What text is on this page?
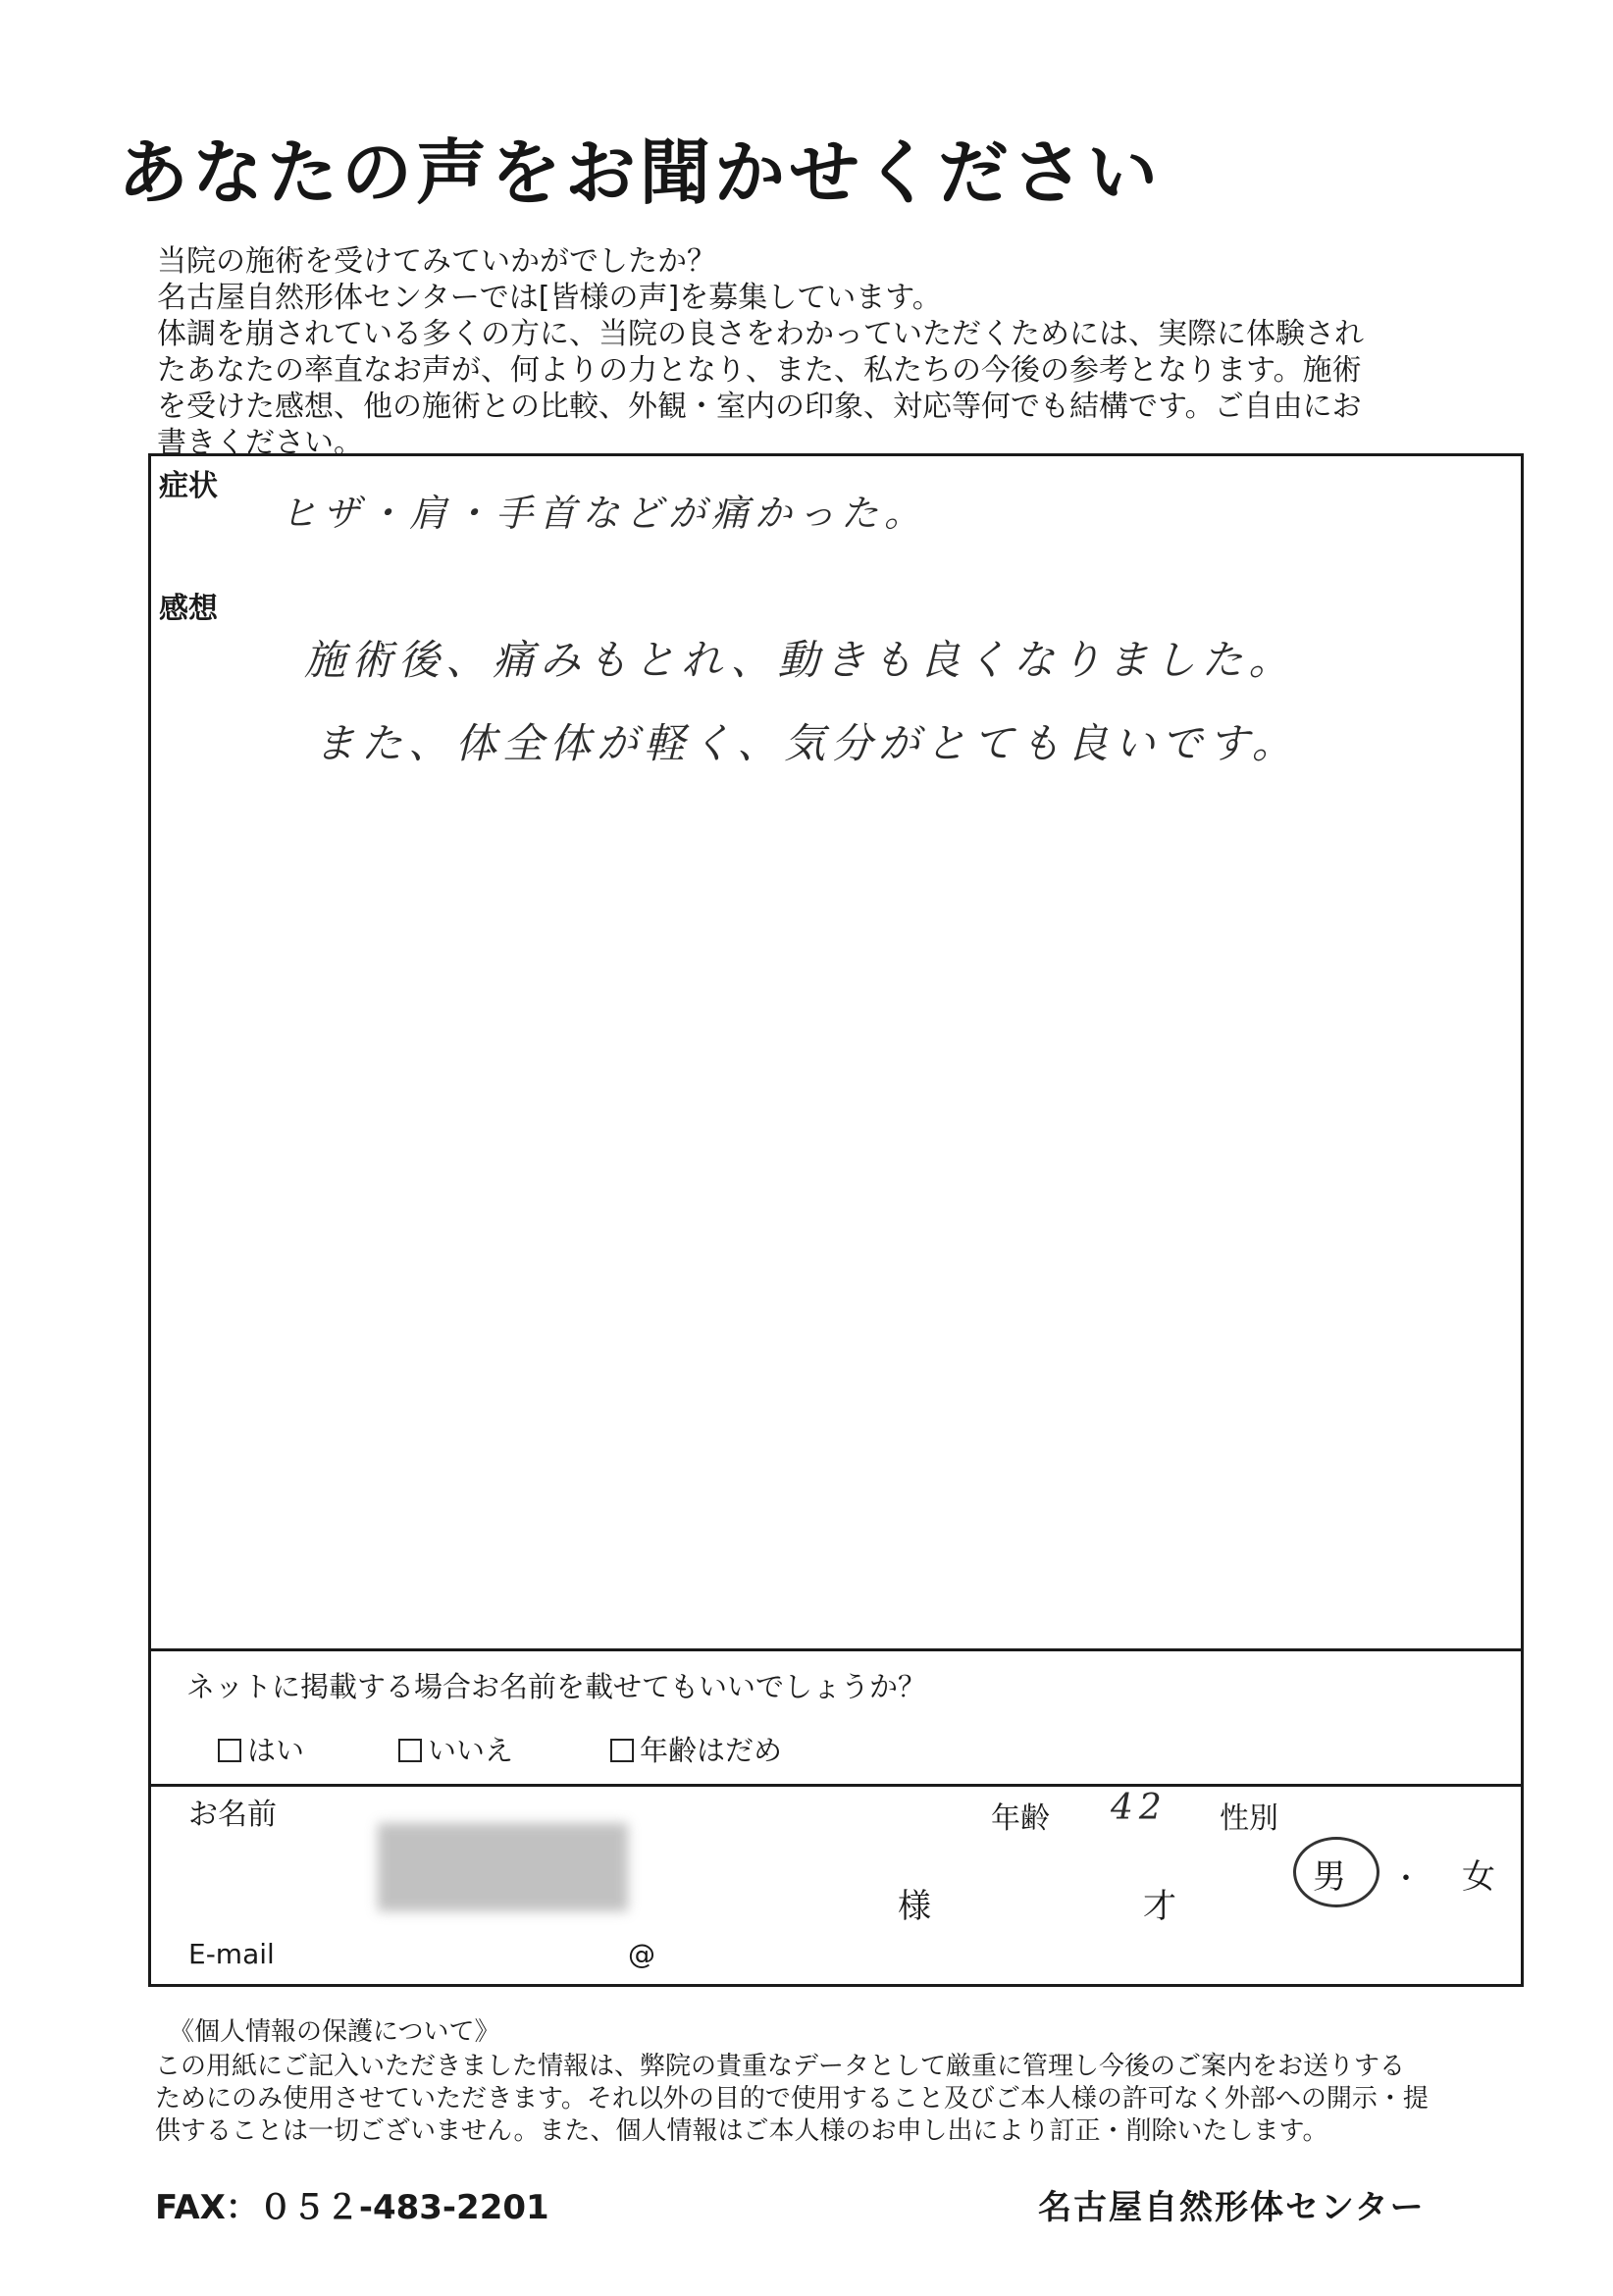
あなたの声をお聞かせください
当院の施術を受けてみていかがでしたか？
名古屋自然形体センターでは[皆様の声]を募集しています。
体調を崩されている多くの方に、当院の良さをわかっていただくためには、実際に体験され
たあなたの率直なお声が、何よりの力となり、また、私たちの今後の参考となります。施術
を受けた感想、他の施術との比較、外観・室内の印象、対応等何でも結構です。ご自由にお
書きください。
症状
ヒザ・肩・手首などが痛かった。
感想
施術後、痛みもとれ、動きも良くなりました。
また、体全体が軽く、気分がとても良いです。
ネットに掲載する場合お名前を載せてもいいでしょうか？
はい	いいえ	年齢はだめ
お名前
様
年齢 42
才
性別
男 ・ 女
E-mail	@
《個人情報の保護について》
この用紙にご記入いただきました情報は、弊院の貴重なデータとして厳重に管理し今後のご案内をお送りする
ためにのみ使用させていただきます。それ以外の目的で使用すること及びご本人様の許可なく外部への開示・提
供することは一切ございません。また、個人情報はご本人様のお申し出により訂正・削除いたします。
FAX：０５２-483-2201	名古屋自然形体センター
